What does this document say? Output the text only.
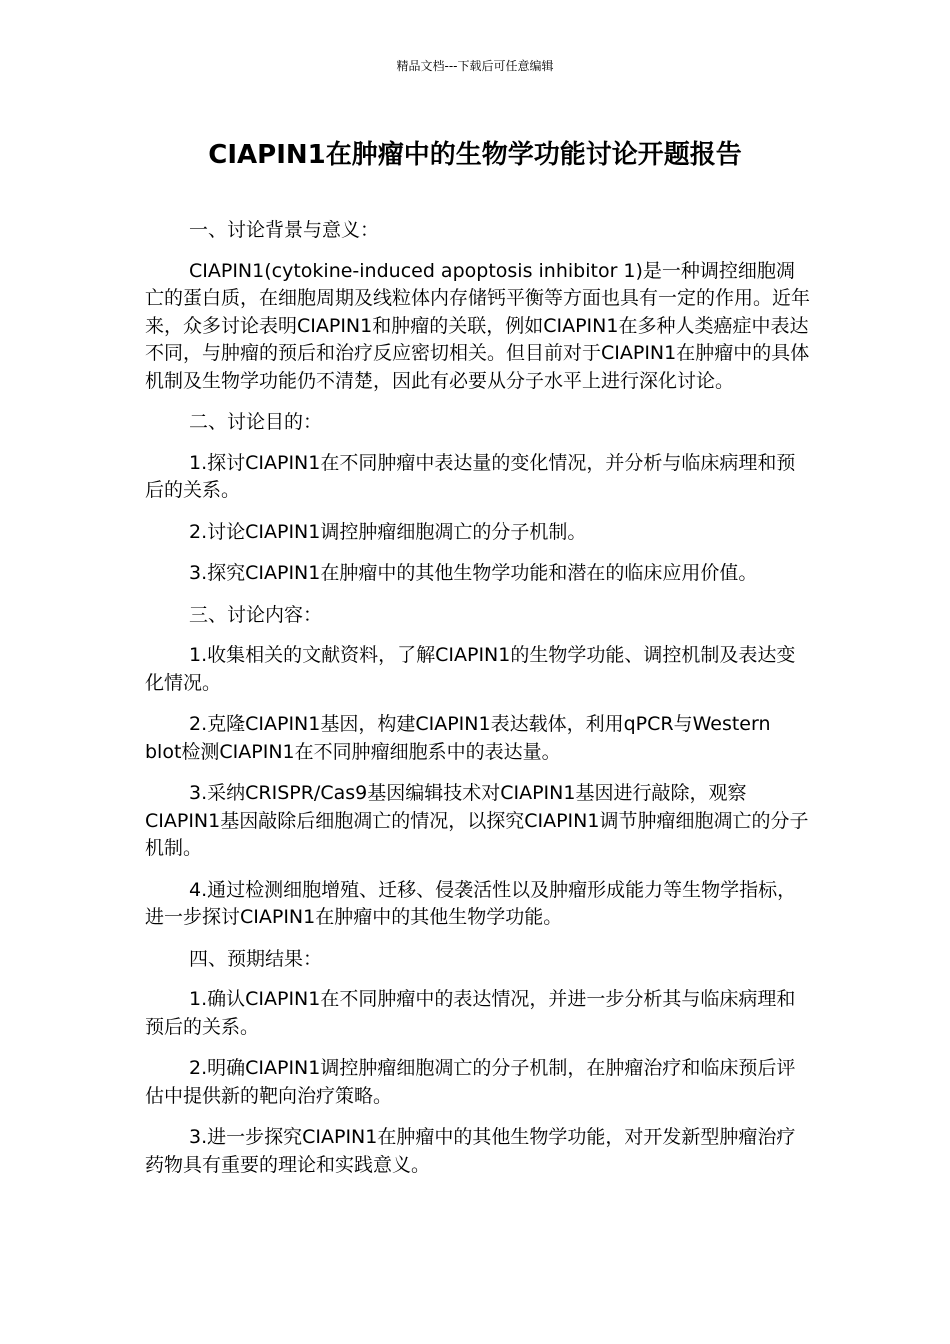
精品文档---下载后可任意编辑
CIAPIN1在肿瘤中的生物学功能讨论开题报告

一、讨论背景与意义：

CIAPIN1(cytokine-induced apoptosis inhibitor 1)是一种调控细胞凋亡的蛋白质，在细胞周期及线粒体内存储钙平衡等方面也具有一定的作用。近年来，众多讨论表明CIAPIN1和肿瘤的关联，例如CIAPIN1在多种人类癌症中表达不同，与肿瘤的预后和治疗反应密切相关。但目前对于CIAPIN1在肿瘤中的具体机制及生物学功能仍不清楚，因此有必要从分子水平上进行深化讨论。

二、讨论目的：

1.探讨CIAPIN1在不同肿瘤中表达量的变化情况，并分析与临床病理和预后的关系。

2.讨论CIAPIN1调控肿瘤细胞凋亡的分子机制。

3.探究CIAPIN1在肿瘤中的其他生物学功能和潜在的临床应用价值。

三、讨论内容：

1.收集相关的文献资料，了解CIAPIN1的生物学功能、调控机制及表达变化情况。

2.克隆CIAPIN1基因，构建CIAPIN1表达载体，利用qPCR与Western blot检测CIAPIN1在不同肿瘤细胞系中的表达量。

3.采纳CRISPR/Cas9基因编辑技术对CIAPIN1基因进行敲除，观察CIAPIN1基因敲除后细胞凋亡的情况，以探究CIAPIN1调节肿瘤细胞凋亡的分子机制。

4.通过检测细胞增殖、迁移、侵袭活性以及肿瘤形成能力等生物学指标，进一步探讨CIAPIN1在肿瘤中的其他生物学功能。

四、预期结果：

1.确认CIAPIN1在不同肿瘤中的表达情况，并进一步分析其与临床病理和预后的关系。

2.明确CIAPIN1调控肿瘤细胞凋亡的分子机制，在肿瘤治疗和临床预后评估中提供新的靶向治疗策略。

3.进一步探究CIAPIN1在肿瘤中的其他生物学功能，对开发新型肿瘤治疗药物具有重要的理论和实践意义。
